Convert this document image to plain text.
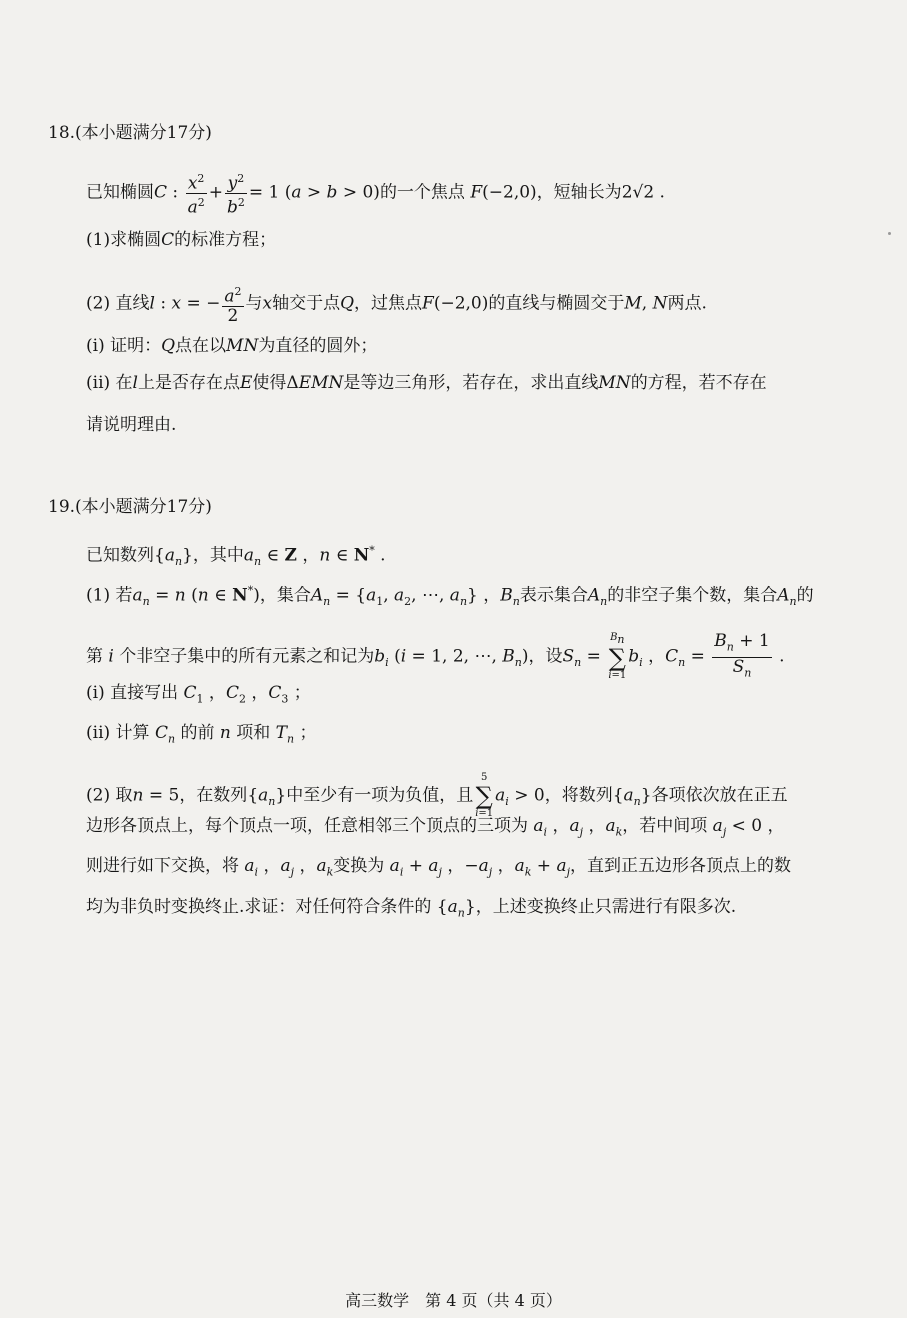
18.(本小题满分17分)
已知椭圆C : $\frac{x^2}{a^2} + \frac{y^2}{b^2} = 1$ (a > b > 0)的一个焦点 F(−2,0)，短轴长为2√2 .
(1)求椭圆C的标准方程；
(2) 直线l : x = − $\frac{a^2}{2}$ 与x轴交于点Q，过焦点F(−2,0)的直线与椭圆交于M, N两点.
(i) 证明：Q点在以MN为直径的圆外；
(ii) 在l上是否存在点E使得ΔEMN是等边三角形，若存在，求出直线MN的方程，若不存在
请说明理由.
19.(本小题满分17分)
已知数列$\{a_n\}$，其中$a_n$ ∈ Z ，n ∈ N* .
(1) 若$a_n = n$ (n ∈ N*)，集合$A_n = \{a_1$, $a_2$, ⋯, $a_n$} ，$B_n$表示集合$A_n$的非空子集个数，集合$A_n$的
第 i 个非空子集中的所有元素之和记为$b_i$ (i = 1, 2, ⋯, $B_n$)，设$S_n$ =
$B_n$
∑
i=1
$b_i$ ，$C_n = \frac{B_n + 1}{S_n}$ .
(i) 直接写出 $C_1$ ，$C_2$ ，$C_3$ ；
(ii) 计算 $C_n$ 的前 n 项和 $T_n$ ；
(2) 取n = 5，在数列$\{a_n\}$中至少有一项为负值，且
5
∑
i=1
$a_i > 0$，将数列$\{a_n\}$各项依次放在正五
边形各顶点上，每个顶点一项，任意相邻三个顶点的三项为 $a_i$ ，$a_j$ ，$a_k$，若中间项 $a_j < 0$ ，
则进行如下交换，将 $a_i$ ，$a_j$ ，$a_k$变换为 $a_i + a_j$ ，$-a_j$ ，$a_k + a_j$，直到正五边形各顶点上的数
均为非负时变换终止.求证：对任何符合条件的 $\{a_n\}$，上述变换终止只需进行有限多次.
高三数学　第 4 页（共 4 页）
